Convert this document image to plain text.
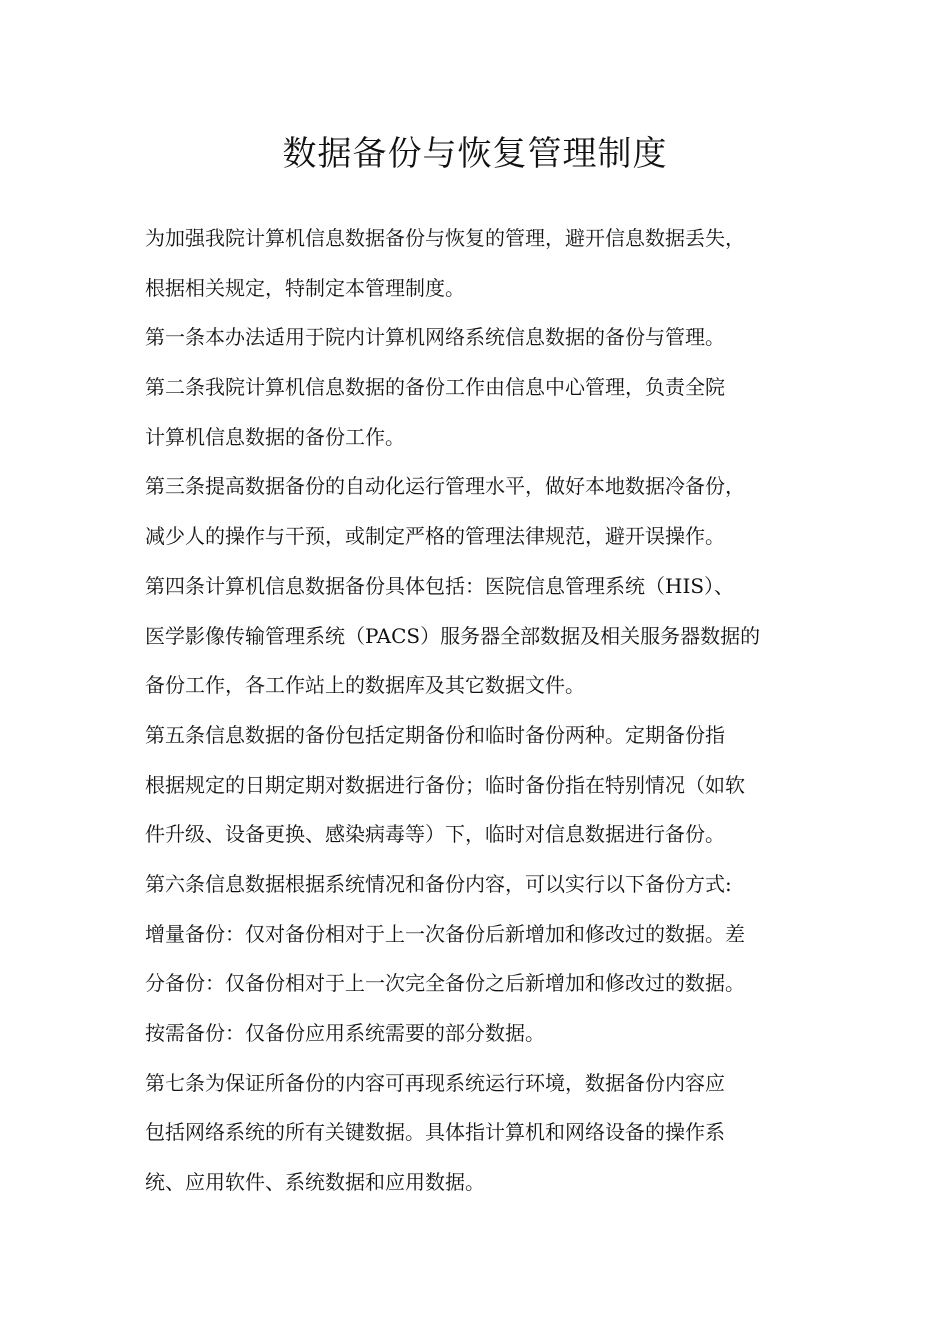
数据备份与恢复管理制度
为加强我院计算机信息数据备份与恢复的管理，避开信息数据丢失，
根据相关规定，特制定本管理制度。
第一条本办法适用于院内计算机网络系统信息数据的备份与管理。
第二条我院计算机信息数据的备份工作由信息中心管理，负责全院
计算机信息数据的备份工作。
第三条提高数据备份的自动化运行管理水平，做好本地数据冷备份，
减少人的操作与干预，或制定严格的管理法律规范，避开误操作。
第四条计算机信息数据备份具体包括：医院信息管理系统（HIS）、
医学影像传输管理系统（PACS）服务器全部数据及相关服务器数据的
备份工作，各工作站上的数据库及其它数据文件。
第五条信息数据的备份包括定期备份和临时备份两种。定期备份指
根据规定的日期定期对数据进行备份；临时备份指在特别情况（如软
件升级、设备更换、感染病毒等）下，临时对信息数据进行备份。
第六条信息数据根据系统情况和备份内容，可以实行以下备份方式:
增量备份：仅对备份相对于上一次备份后新增加和修改过的数据。差
分备份：仅备份相对于上一次完全备份之后新增加和修改过的数据。
按需备份：仅备份应用系统需要的部分数据。
第七条为保证所备份的内容可再现系统运行环境，数据备份内容应
包括网络系统的所有关键数据。具体指计算机和网络设备的操作系
统、应用软件、系统数据和应用数据。
